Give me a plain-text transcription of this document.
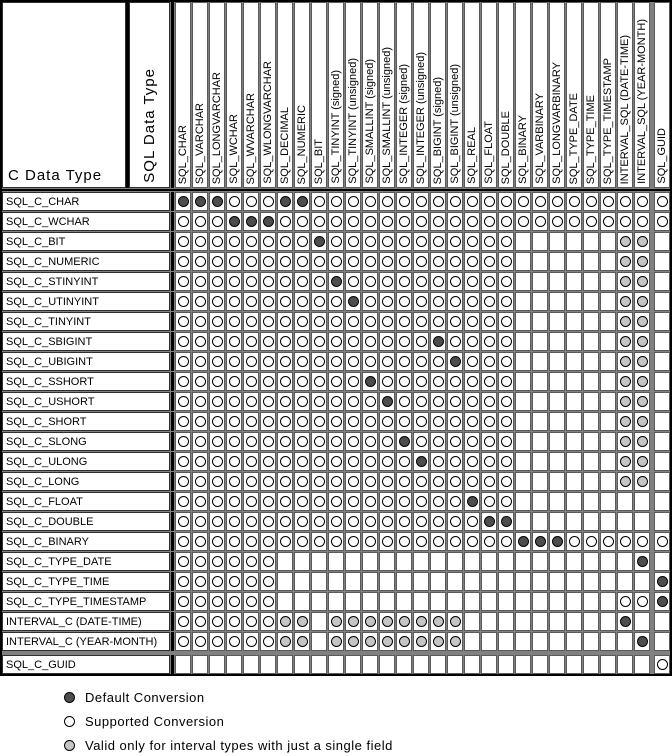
C Data Type	SQL Data Type SQL_CHAR SQL_VARCHAR SQL_LONGVARCHAR SQL_WCHAR SQL_WVARCHAR SQL_WLONGVARCHAR SQL_DECIMAL SQL_NUMERIC SQL_BIT SQL_TINYINT (signed) SQL_TINYINT (unsigned) SQL_SMALLINT (signed) SQL_SMALLINT (unsigned) SQL_INTEGER (signed) SQL_INTEGER (unsigned) SQL_BIGINT (signed) SQL_BIGINT (unsigned) SQL_REAL SQL_FLOAT SQL_DOUBLE SQL_BINARY SQL_VARBINARY SQL_LONGVARBINARY SQL_TYPE_DATE SQL_TYPE_TIME SQL_TYPE_TIMESTAMP INTERVAL_SQL (DATE-TIME) INTERVAL_SQL (YEAR-MONTH) SQL_GUID
SQL_C_CHAR
SQL_C_WCHAR
SQL_C_BIT
SQL_C_NUMERIC
SQL_C_STINYINT
SQL_C_UTINYINT
SQL_C_TINYINT
SQL_C_SBIGINT
SQL_C_UBIGINT
SQL_C_SSHORT
SQL_C_USHORT
SQL_C_SHORT
SQL_C_SLONG
SQL_C_ULONG
SQL_C_LONG
SQL_C_FLOAT
SQL_C_DOUBLE
SQL_C_BINARY
SQL_C_TYPE_DATE
SQL_C_TYPE_TIME
SQL_C_TYPE_TIMESTAMP
INTERVAL_C (DATE-TIME)
INTERVAL_C (YEAR-MONTH)
SQL_C_GUID
Default Conversion
Supported Conversion
Valid only for interval types with just a single field
